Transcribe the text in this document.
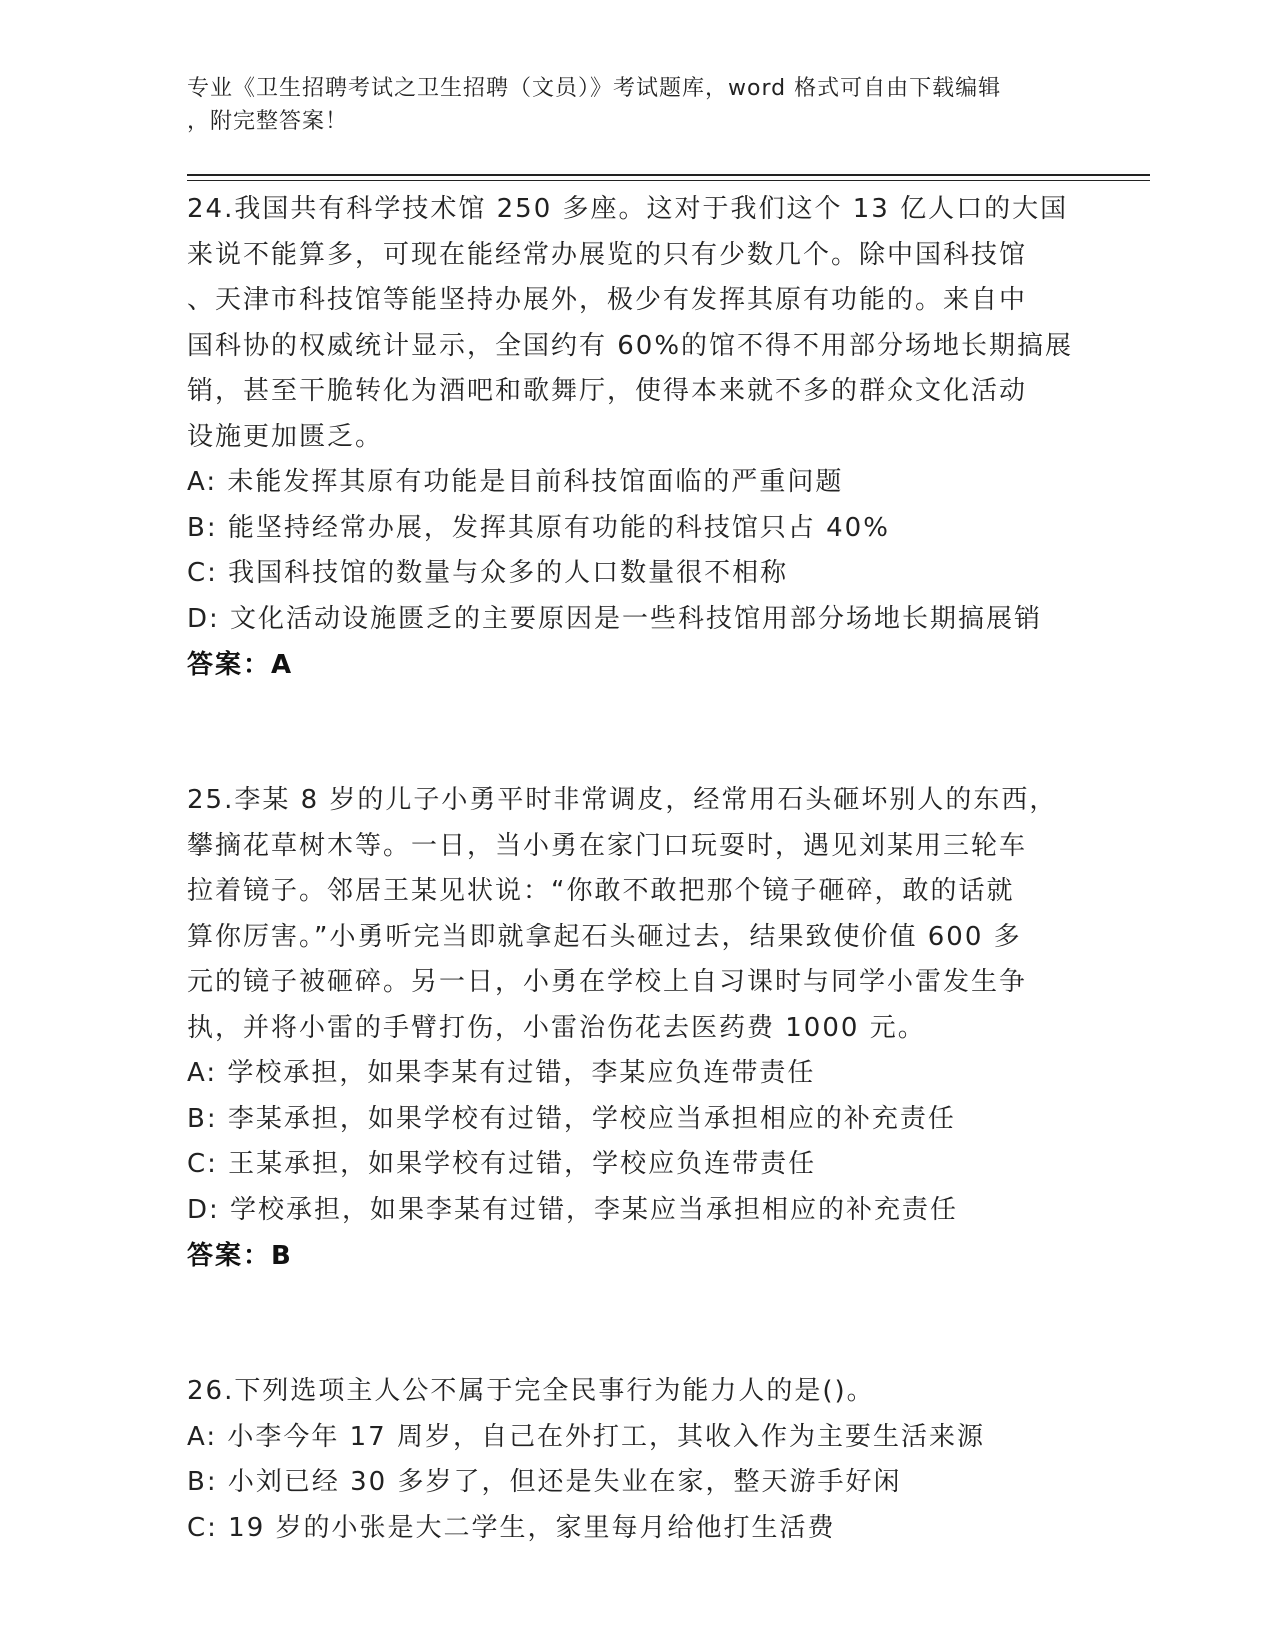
专业《卫生招聘考试之卫生招聘（文员）》考试题库，word 格式可自由下载编辑
，附完整答案！
24.我国共有科学技术馆 250 多座。这对于我们这个 13 亿人口的大国
来说不能算多，可现在能经常办展览的只有少数几个。除中国科技馆
、天津市科技馆等能坚持办展外，极少有发挥其原有功能的。来自中
国科协的权威统计显示，全国约有 60%的馆不得不用部分场地长期搞展
销，甚至干脆转化为酒吧和歌舞厅，使得本来就不多的群众文化活动
设施更加匮乏。
A: 未能发挥其原有功能是目前科技馆面临的严重问题
B: 能坚持经常办展，发挥其原有功能的科技馆只占 40%
C: 我国科技馆的数量与众多的人口数量很不相称
D: 文化活动设施匮乏的主要原因是一些科技馆用部分场地长期搞展销
答案：A
25.李某 8 岁的儿子小勇平时非常调皮，经常用石头砸坏别人的东西，
攀摘花草树木等。一日，当小勇在家门口玩耍时，遇见刘某用三轮车
拉着镜子。邻居王某见状说：“你敢不敢把那个镜子砸碎，敢的话就
算你厉害。”小勇听完当即就拿起石头砸过去，结果致使价值 600 多
元的镜子被砸碎。另一日，小勇在学校上自习课时与同学小雷发生争
执，并将小雷的手臂打伤，小雷治伤花去医药费 1000 元。
A: 学校承担，如果李某有过错，李某应负连带责任
B: 李某承担，如果学校有过错，学校应当承担相应的补充责任
C: 王某承担，如果学校有过错，学校应负连带责任
D: 学校承担，如果李某有过错，李某应当承担相应的补充责任
答案：B
26.下列选项主人公不属于完全民事行为能力人的是()。
A: 小李今年 17 周岁，自己在外打工，其收入作为主要生活来源
B: 小刘已经 30 多岁了，但还是失业在家，整天游手好闲
C: 19 岁的小张是大二学生，家里每月给他打生活费
